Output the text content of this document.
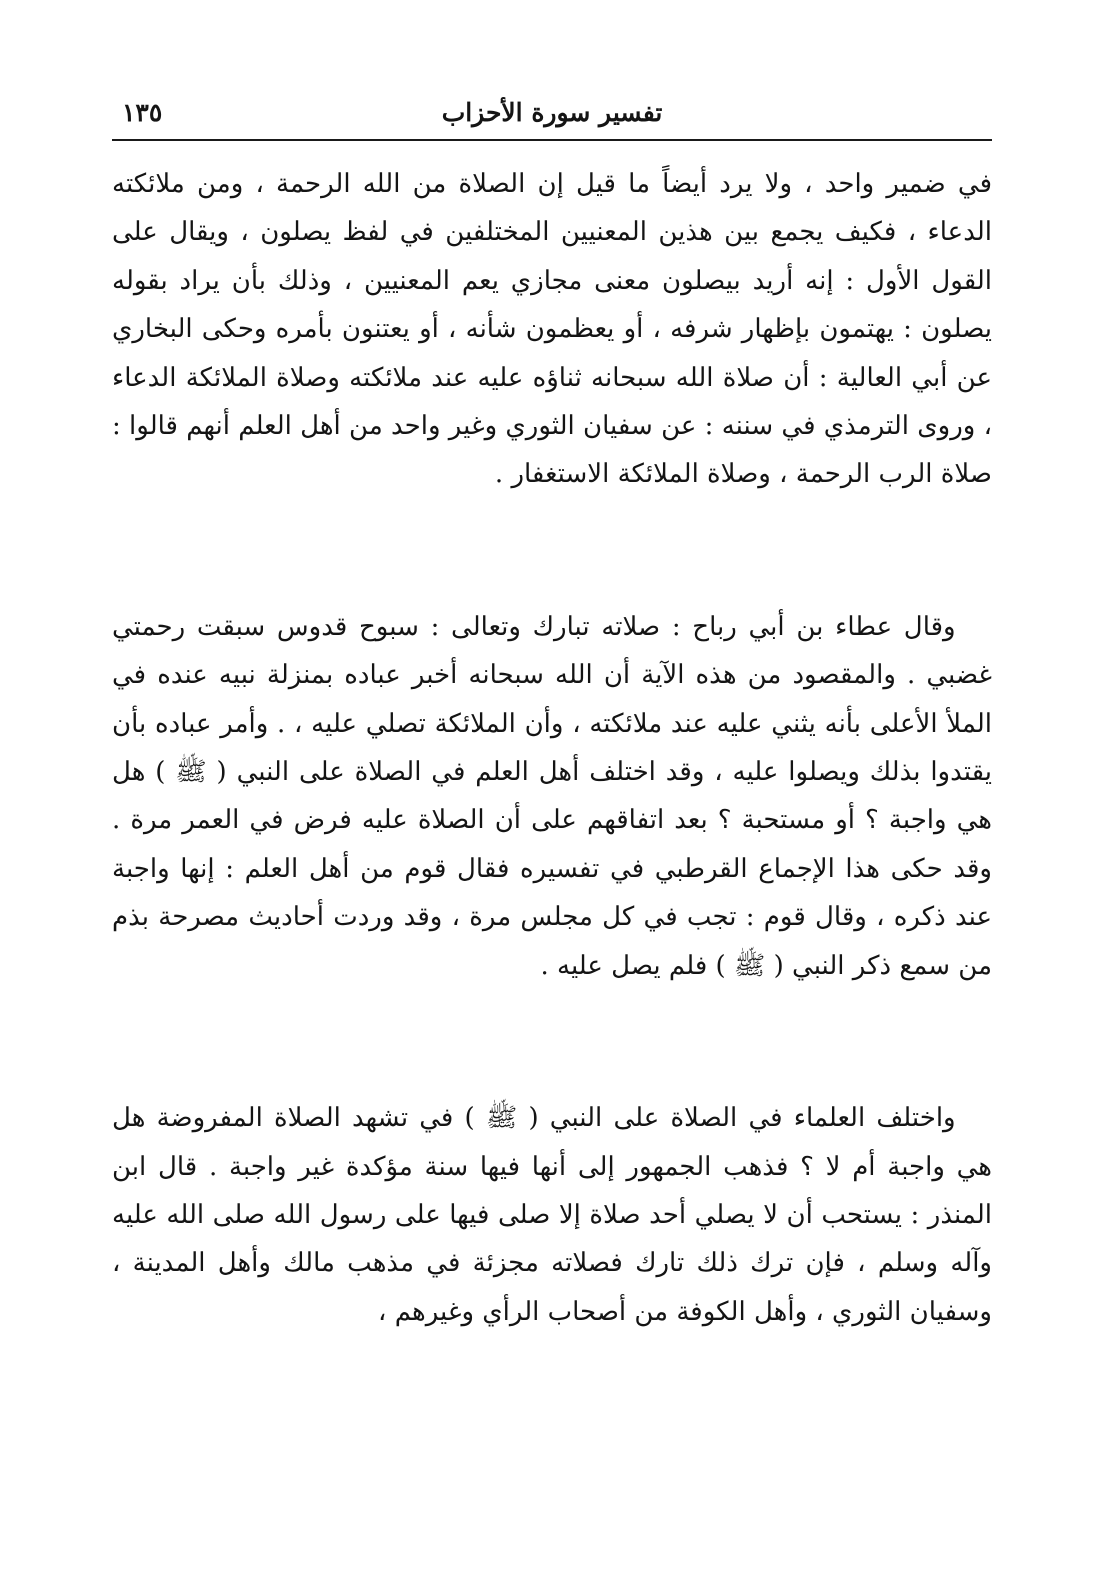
تفسير سورة الأحزاب
١٣٥

في ضمير واحد ، ولا يرد أيضاً ما قيل إن الصلاة من الله الرحمة ، ومن ملائكته الدعاء ، فكيف يجمع بين هذين المعنيين المختلفين في لفظ يصلون ، ويقال على القول الأول : إنه أريد بيصلون معنى مجازي يعم المعنيين ، وذلك بأن يراد بقوله يصلون : يهتمون بإظهار شرفه ، أو يعظمون شأنه ، أو يعتنون بأمره وحكى البخاري عن أبي العالية : أن صلاة الله سبحانه ثناؤه عليه عند ملائكته وصلاة الملائكة الدعاء ، وروى الترمذي في سننه : عن سفيان الثوري وغير واحد من أهل العلم أنهم قالوا : صلاة الرب الرحمة ، وصلاة الملائكة الاستغفار .

وقال عطاء بن أبي رباح : صلاته تبارك وتعالى : سبوح قدوس سبقت رحمتي غضبي . والمقصود من هذه الآية أن الله سبحانه أخبر عباده بمنزلة نبيه عنده في الملأ الأعلى بأنه يثني عليه عند ملائكته ، وأن الملائكة تصلي عليه ، . وأمر عباده بأن يقتدوا بذلك ويصلوا عليه ، وقد اختلف أهل العلم في الصلاة على النبي ( ﷺ ) هل هي واجبة ؟ أو مستحبة ؟ بعد اتفاقهم على أن الصلاة عليه فرض في العمر مرة . وقد حكى هذا الإجماع القرطبي في تفسيره فقال قوم من أهل العلم : إنها واجبة عند ذكره ، وقال قوم : تجب في كل مجلس مرة ، وقد وردت أحاديث مصرحة بذم من سمع ذكر النبي ( ﷺ ) فلم يصل عليه .

واختلف العلماء في الصلاة على النبي ( ﷺ ) في تشهد الصلاة المفروضة هل هي واجبة أم لا ؟ فذهب الجمهور إلى أنها فيها سنة مؤكدة غير واجبة . قال ابن المنذر : يستحب أن لا يصلي أحد صلاة إلا صلى فيها على رسول الله صلى الله عليه وآله وسلم ، فإن ترك ذلك تارك فصلاته مجزئة في مذهب مالك وأهل المدينة ، وسفيان الثوري ، وأهل الكوفة من أصحاب الرأي وغيرهم ،
